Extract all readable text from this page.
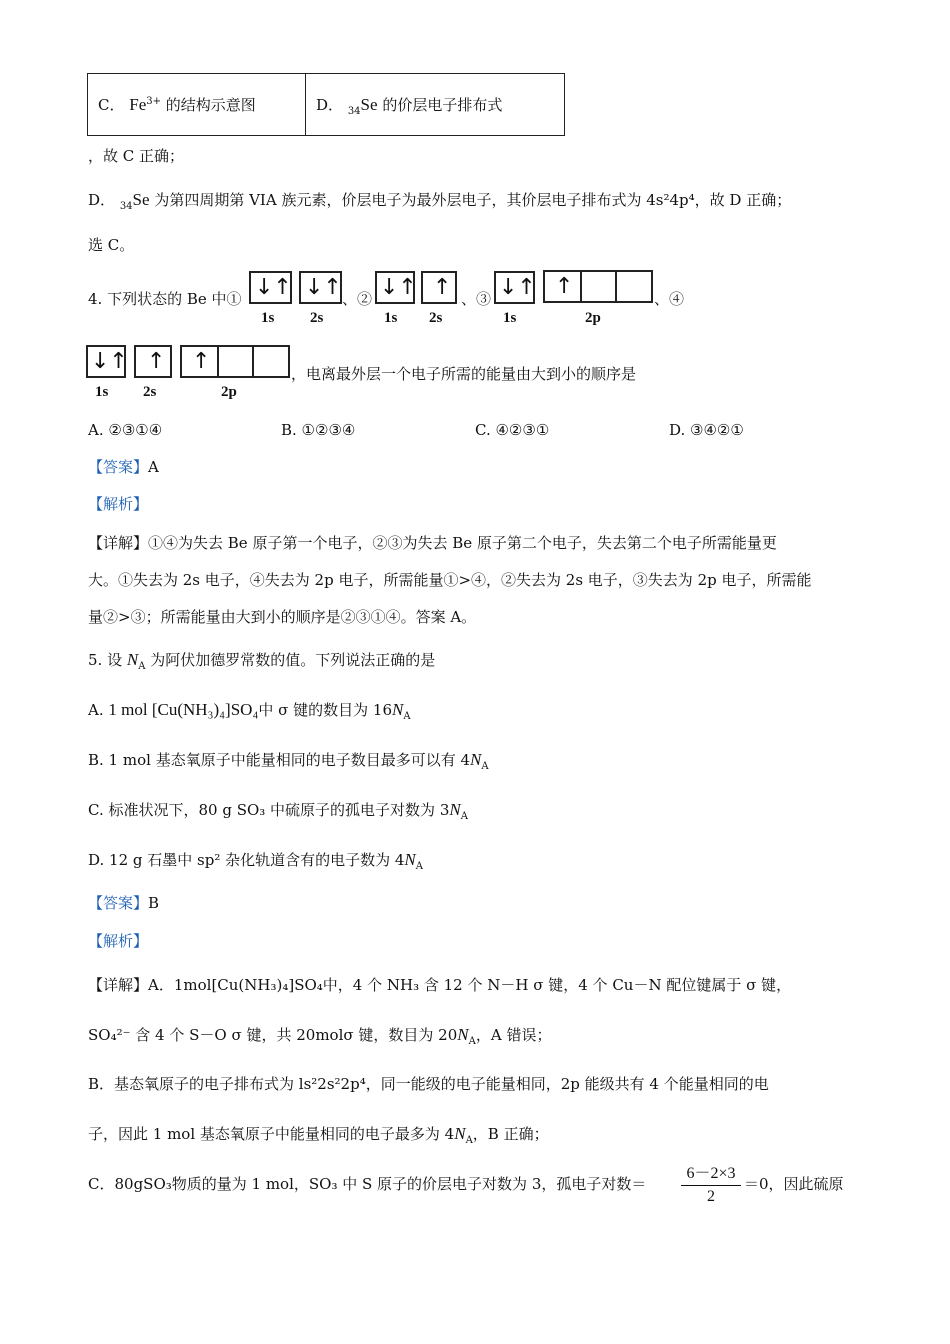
C． $Fe^{3+}$ 的结构示意图	D． $_{34}$Se 的价层电子排布式
，故 C 正确；
D． $_{34}$Se 为第四周期第 VIA 族元素，价层电子为最外层电子，其价层电子排布式为 4s²4p⁴，故 D 正确；
选 C。
4. 下列状态的 Be 中① ↓↑ ↓↑
1s 2s
、② ↓↑ ↑
1s 2s
、③ ↓↑ ↑
1s	2p
、④
↓↑ ↑ ↑
1s 2s	2p
，电离最外层一个电子所需的能量由大到小的顺序是
A. ②③①④	B. ①②③④	C. ④②③①	D. ③④②①
【答案】A
【解析】
【详解】①④为失去 Be 原子第一个电子，②③为失去 Be 原子第二个电子，失去第二个电子所需能量更
大。①失去为 2s 电子，④失去为 2p 电子，所需能量①>④，②失去为 2s 电子，③失去为 2p 电子，所需能
量②>③；所需能量由大到小的顺序是②③①④。答案 A。
5. 设 $N_A$ 为阿伏加德罗常数的值。下列说法正确的是
A. 1 mol [Cu(NH₃)₄]SO₄中 σ 键的数目为 $16N_A$
B. 1 mol 基态氧原子中能量相同的电子数目最多可以有 $4N_A$
C. 标准状况下，80 g SO₃ 中硫原子的孤电子对数为 $3N_A$
D. 12 g 石墨中 sp² 杂化轨道含有的电子数为 $4N_A$
【答案】B
【解析】
【详解】A．1mol[Cu(NH₃)₄]SO₄中，4 个 NH₃ 含 12 个 N－H σ 键，4 个 Cu－N 配位键属于 σ 键，
SO₄²⁻ 含 4 个 S－O σ 键，共 20molσ 键，数目为 $20N_A$，A 错误；
B．基态氧原子的电子排布式为 ls²2s²2p⁴，同一能级的电子能量相同，2p 能级共有 4 个能量相同的电
子，因此 1 mol 基态氧原子中能量相同的电子最多为 $4N_A$，B 正确；
C．80gSO₃物质的量为 1 mol，SO₃ 中 S 原子的价层电子对数为 3，孤电子对数＝
6－2×3
2
＝0，因此硫原
